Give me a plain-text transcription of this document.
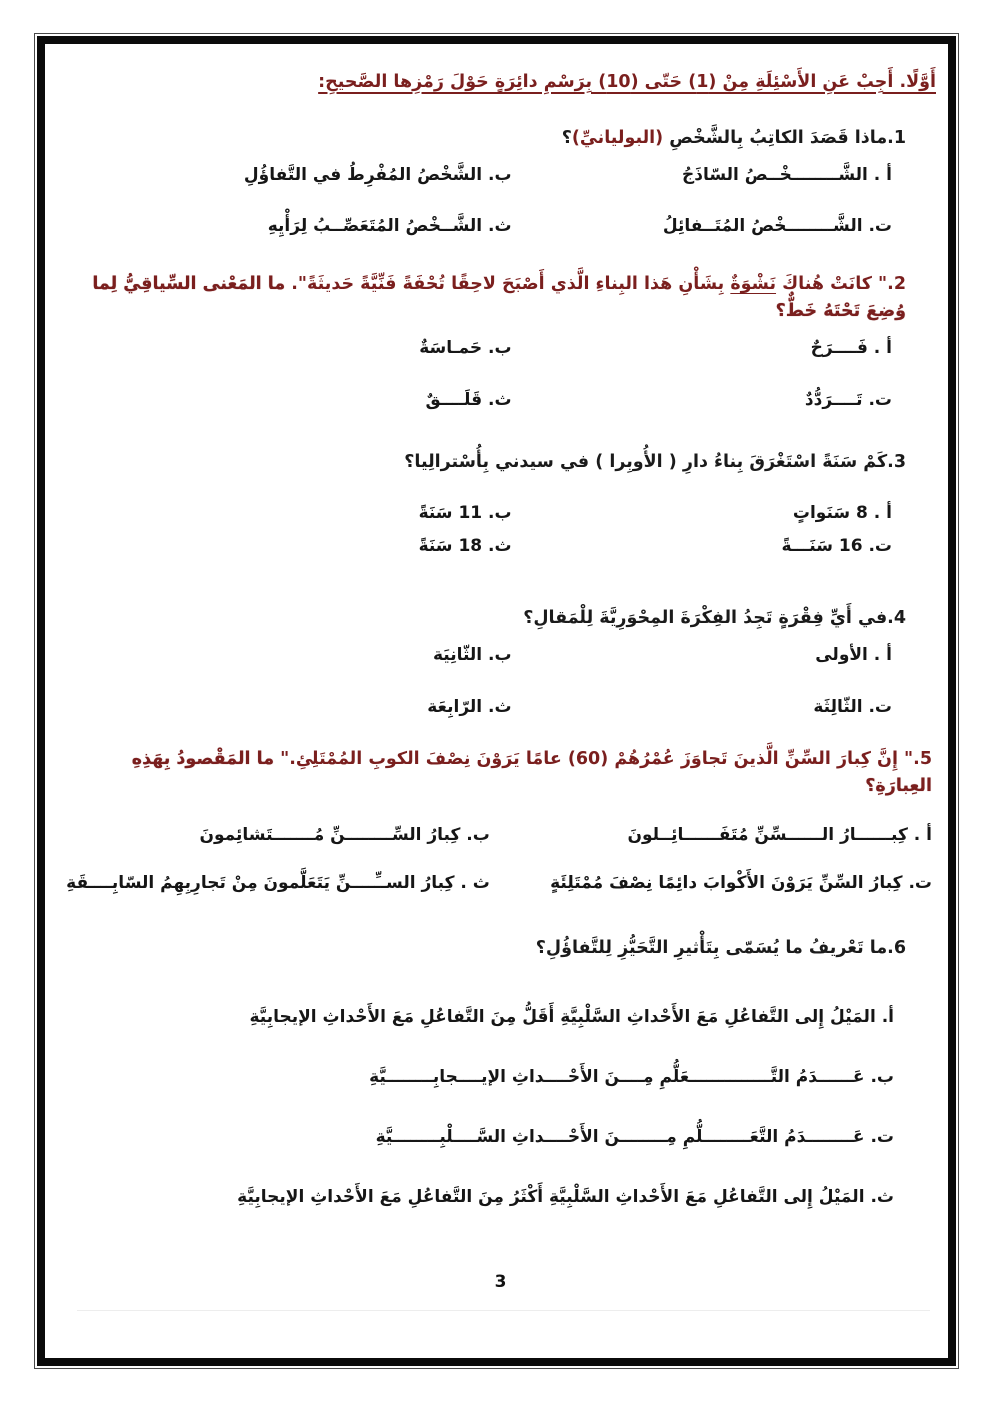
أَوَّلًا. أَجِبْ عَنِ الأَسْئِلَةِ مِنْ (1) حَتّى (10) بِرَسْمِ دائِرَةٍ حَوْلَ رَمْزِها الصَّحيحِ:
1.ماذا قَصَدَ الكاتِبُ بِالشَّخْصِ (البوليانيِّ)؟
أ . الشَّــــــــخْــصُ السّاذَجُ
ب. الشَّخْصُ المُفْرِطُ في التَّفاؤُلِ
ت. الشَّــــــــخْصُ المُتَــفائِلُ
ث. الشَّــخْصُ المُتَعَصِّــبُ لِرَأْيِهِ
2." كانَتْ هُناكَ نَشْوَةٌ بِشَأْنِ هَذا البِناءِ الَّذي أَصْبَحَ لاحِقًا تُحْفَةً فَنِّيَّةً حَديثَةً". ما المَعْنى السِّياقِيُّ لِما وُضِعَ تَحْتَهُ خَطٌّ؟
أ . فَــــرَحٌ
ب. حَمـاسَةٌ
ت. تَــــرَدُّدٌ
ث. قَلَــــقٌ
3.كَمْ سَنَةً اسْتَغْرَقَ بِناءُ دارِ ( الأُوبِرا ) في سيدني بِأُسْترالِيا؟
أ . 8 سَنَواتٍ
ب. 11 سَنَةً
ت. 16 سَنَـــةً
ث. 18 سَنَةً
4.في أَيِّ فِقْرَةٍ تَجِدُ الفِكْرَةَ المِحْوَرِيَّةَ لِلْمَقالِ؟
أ . الأولى
ب. الثّانِيَة
ت. الثّالِثَة
ث. الرّابِعَة
5." إِنَّ كِبارَ السِّنِّ الَّذينَ تَجاوَزَ عُمْرُهُمْ (60) عامًا يَرَوْنَ نِصْفَ الكوبِ المُمْتَلِئِ." ما المَقْصودُ بِهَذِهِ العِبارَةِ؟
أ . كِبــــــارُ الــــــسِّنِّ مُتَفَــــــائِــلونَ
ب. كِبارُ السِّــــــــنِّ مُـــــــتَشائِمونَ
ت. كِبارُ السِّنِّ يَرَوْنَ الأَكْوابَ دائِمًا نِصْفَ مُمْتَلِئَةٍ
ث . كِبارُ الســِّــــنِّ يَتَعَلَّمونَ مِنْ تَجارِبِهِمُ السّابِــــقَةِ
6.ما تَعْريفُ ما يُسَمّى بِتَأْثيرِ التَّحَيُّزِ لِلتَّفاؤُلِ؟
أ. المَيْلُ إِلى التَّفاعُلِ مَعَ الأَحْداثِ السَّلْبِيَّةِ أَقَلُّ مِنَ التَّفاعُلِ مَعَ الأَحْداثِ الإيجابِيَّةِ
ب. عَــــــدَمُ التَّــــــــــــــعَلُّمِ مِــــنَ الأَحْــــداثِ الإيــــجابِــــــــيَّةِ
ت. عَــــــــدَمُ التَّعَــــــــلُّمِ مِــــــــنَ الأَحْــــداثِ السَّــــلْبِــــــــيَّةِ
ث. المَيْلُ إِلى التَّفاعُلِ مَعَ الأَحْداثِ السَّلْبِيَّةِ أَكْثَرُ مِنَ التَّفاعُلِ مَعَ الأَحْداثِ الإيجابِيَّةِ
3
